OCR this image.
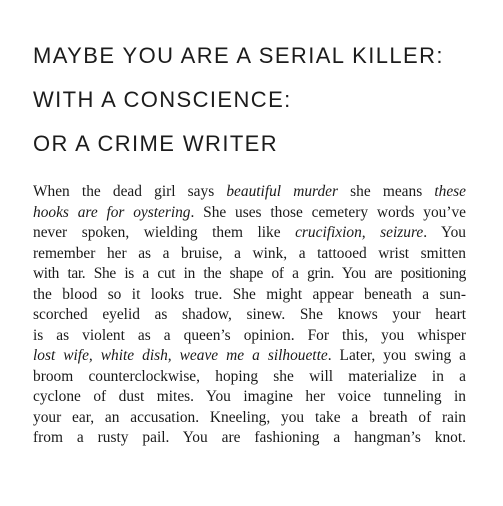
MAYBE YOU ARE A SERIAL KILLER:
WITH A CONSCIENCE:
OR A CRIME WRITER
When the dead girl says beautiful murder she means these
hooks are for oystering. She uses those cemetery words you’ve
never spoken, wielding them like crucifixion, seizure. You
remember her as a bruise, a wink, a tattooed wrist smitten
with tar. She is a cut in the shape of a grin. You are positioning
the blood so it looks true. She might appear beneath a sun-
scorched eyelid as shadow, sinew. She knows your heart
is as violent as a queen’s opinion. For this, you whisper
lost wife, white dish, weave me a silhouette. Later, you swing a
broom counterclockwise, hoping she will materialize in a
cyclone of dust mites. You imagine her voice tunneling in
your ear, an accusation. Kneeling, you take a breath of rain
from a rusty pail. You are fashioning a hangman’s knot.
